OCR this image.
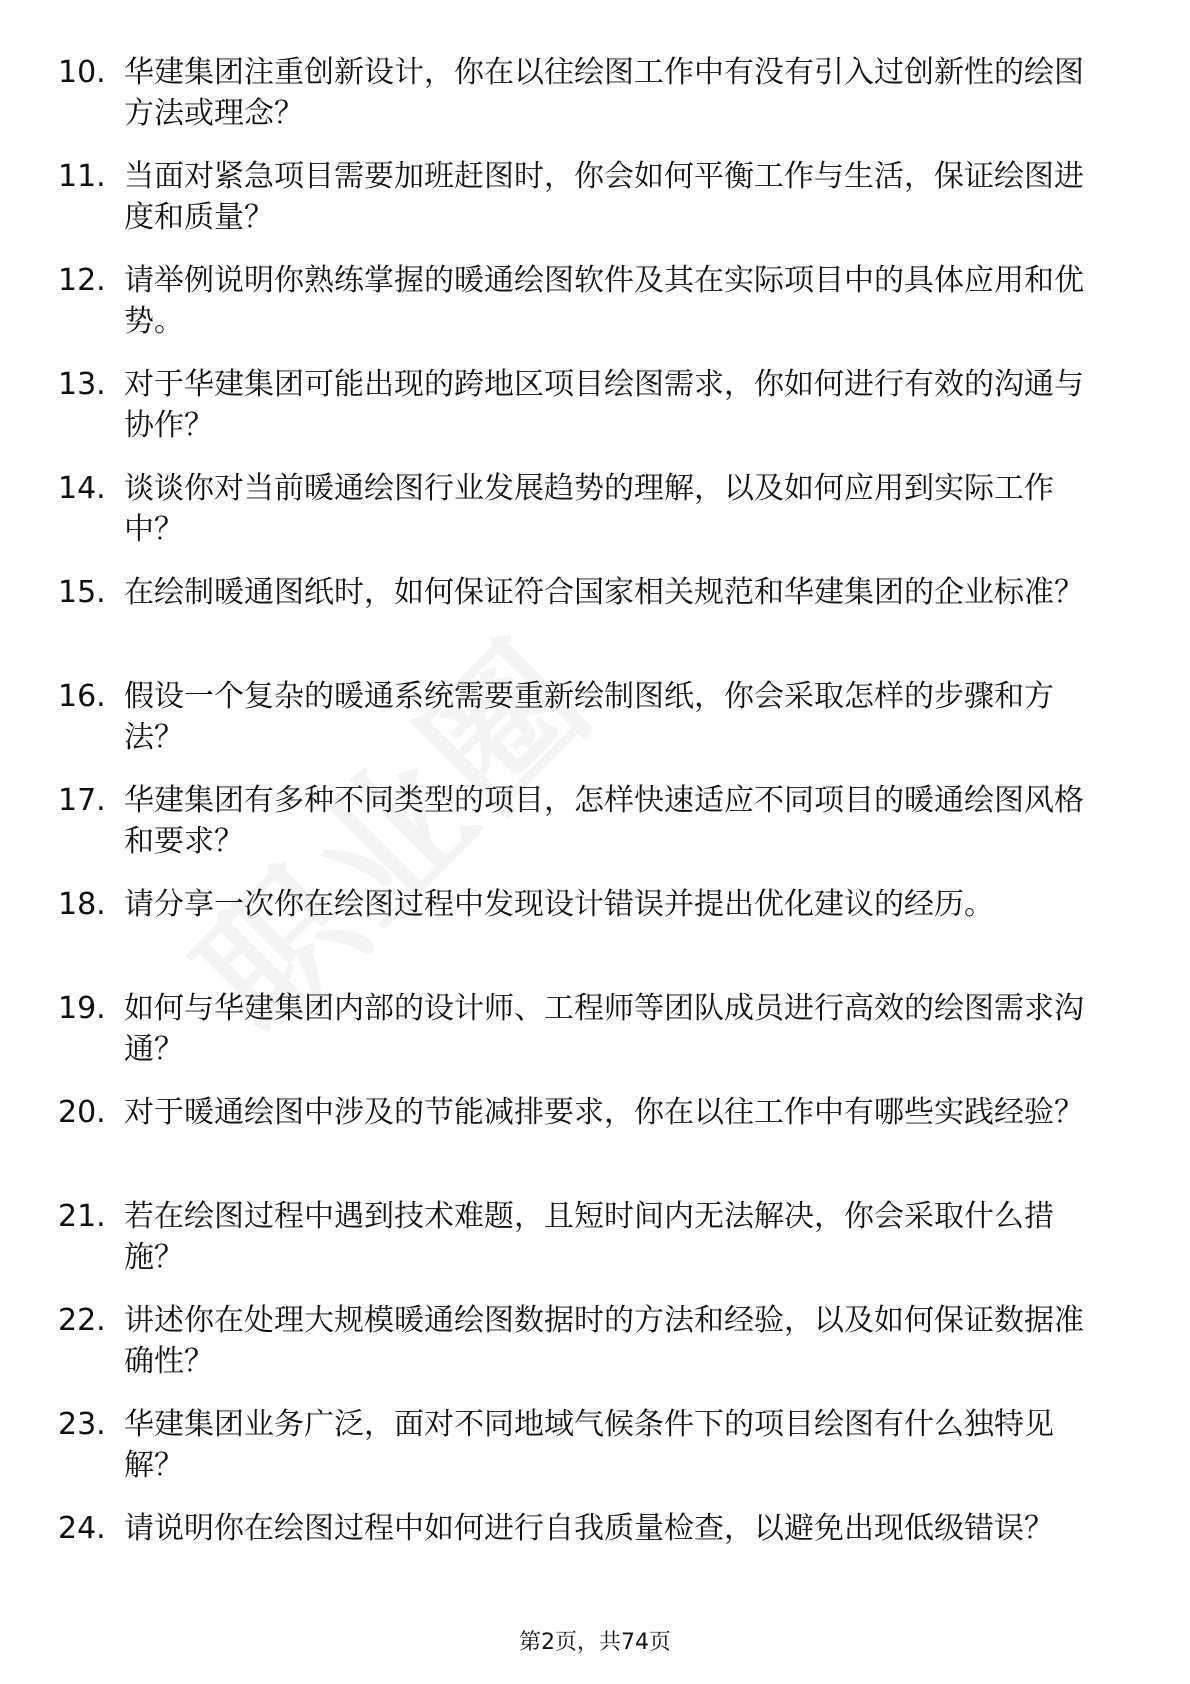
10. 华建集团注重创新设计，你在以往绘图工作中有没有引入过创新性的绘图方法或理念？
11. 当面对紧急项目需要加班赶图时，你会如何平衡工作与生活，保证绘图进度和质量？
12. 请举例说明你熟练掌握的暖通绘图软件及其在实际项目中的具体应用和优势。
13. 对于华建集团可能出现的跨地区项目绘图需求，你如何进行有效的沟通与协作？
14. 谈谈你对当前暖通绘图行业发展趋势的理解，以及如何应用到实际工作中？
15. 在绘制暖通图纸时，如何保证符合国家相关规范和华建集团的企业标准？
16. 假设一个复杂的暖通系统需要重新绘制图纸，你会采取怎样的步骤和方法？
17. 华建集团有多种不同类型的项目，怎样快速适应不同项目的暖通绘图风格和要求？
18. 请分享一次你在绘图过程中发现设计错误并提出优化建议的经历。
19. 如何与华建集团内部的设计师、工程师等团队成员进行高效的绘图需求沟通？
20. 对于暖通绘图中涉及的节能减排要求，你在以往工作中有哪些实践经验？
21. 若在绘图过程中遇到技术难题，且短时间内无法解决，你会采取什么措施？
22. 讲述你在处理大规模暖通绘图数据时的方法和经验，以及如何保证数据准确性？
23. 华建集团业务广泛，面对不同地域气候条件下的项目绘图有什么独特见解？
24. 请说明你在绘图过程中如何进行自我质量检查，以避免出现低级错误？
第2页，共74页
